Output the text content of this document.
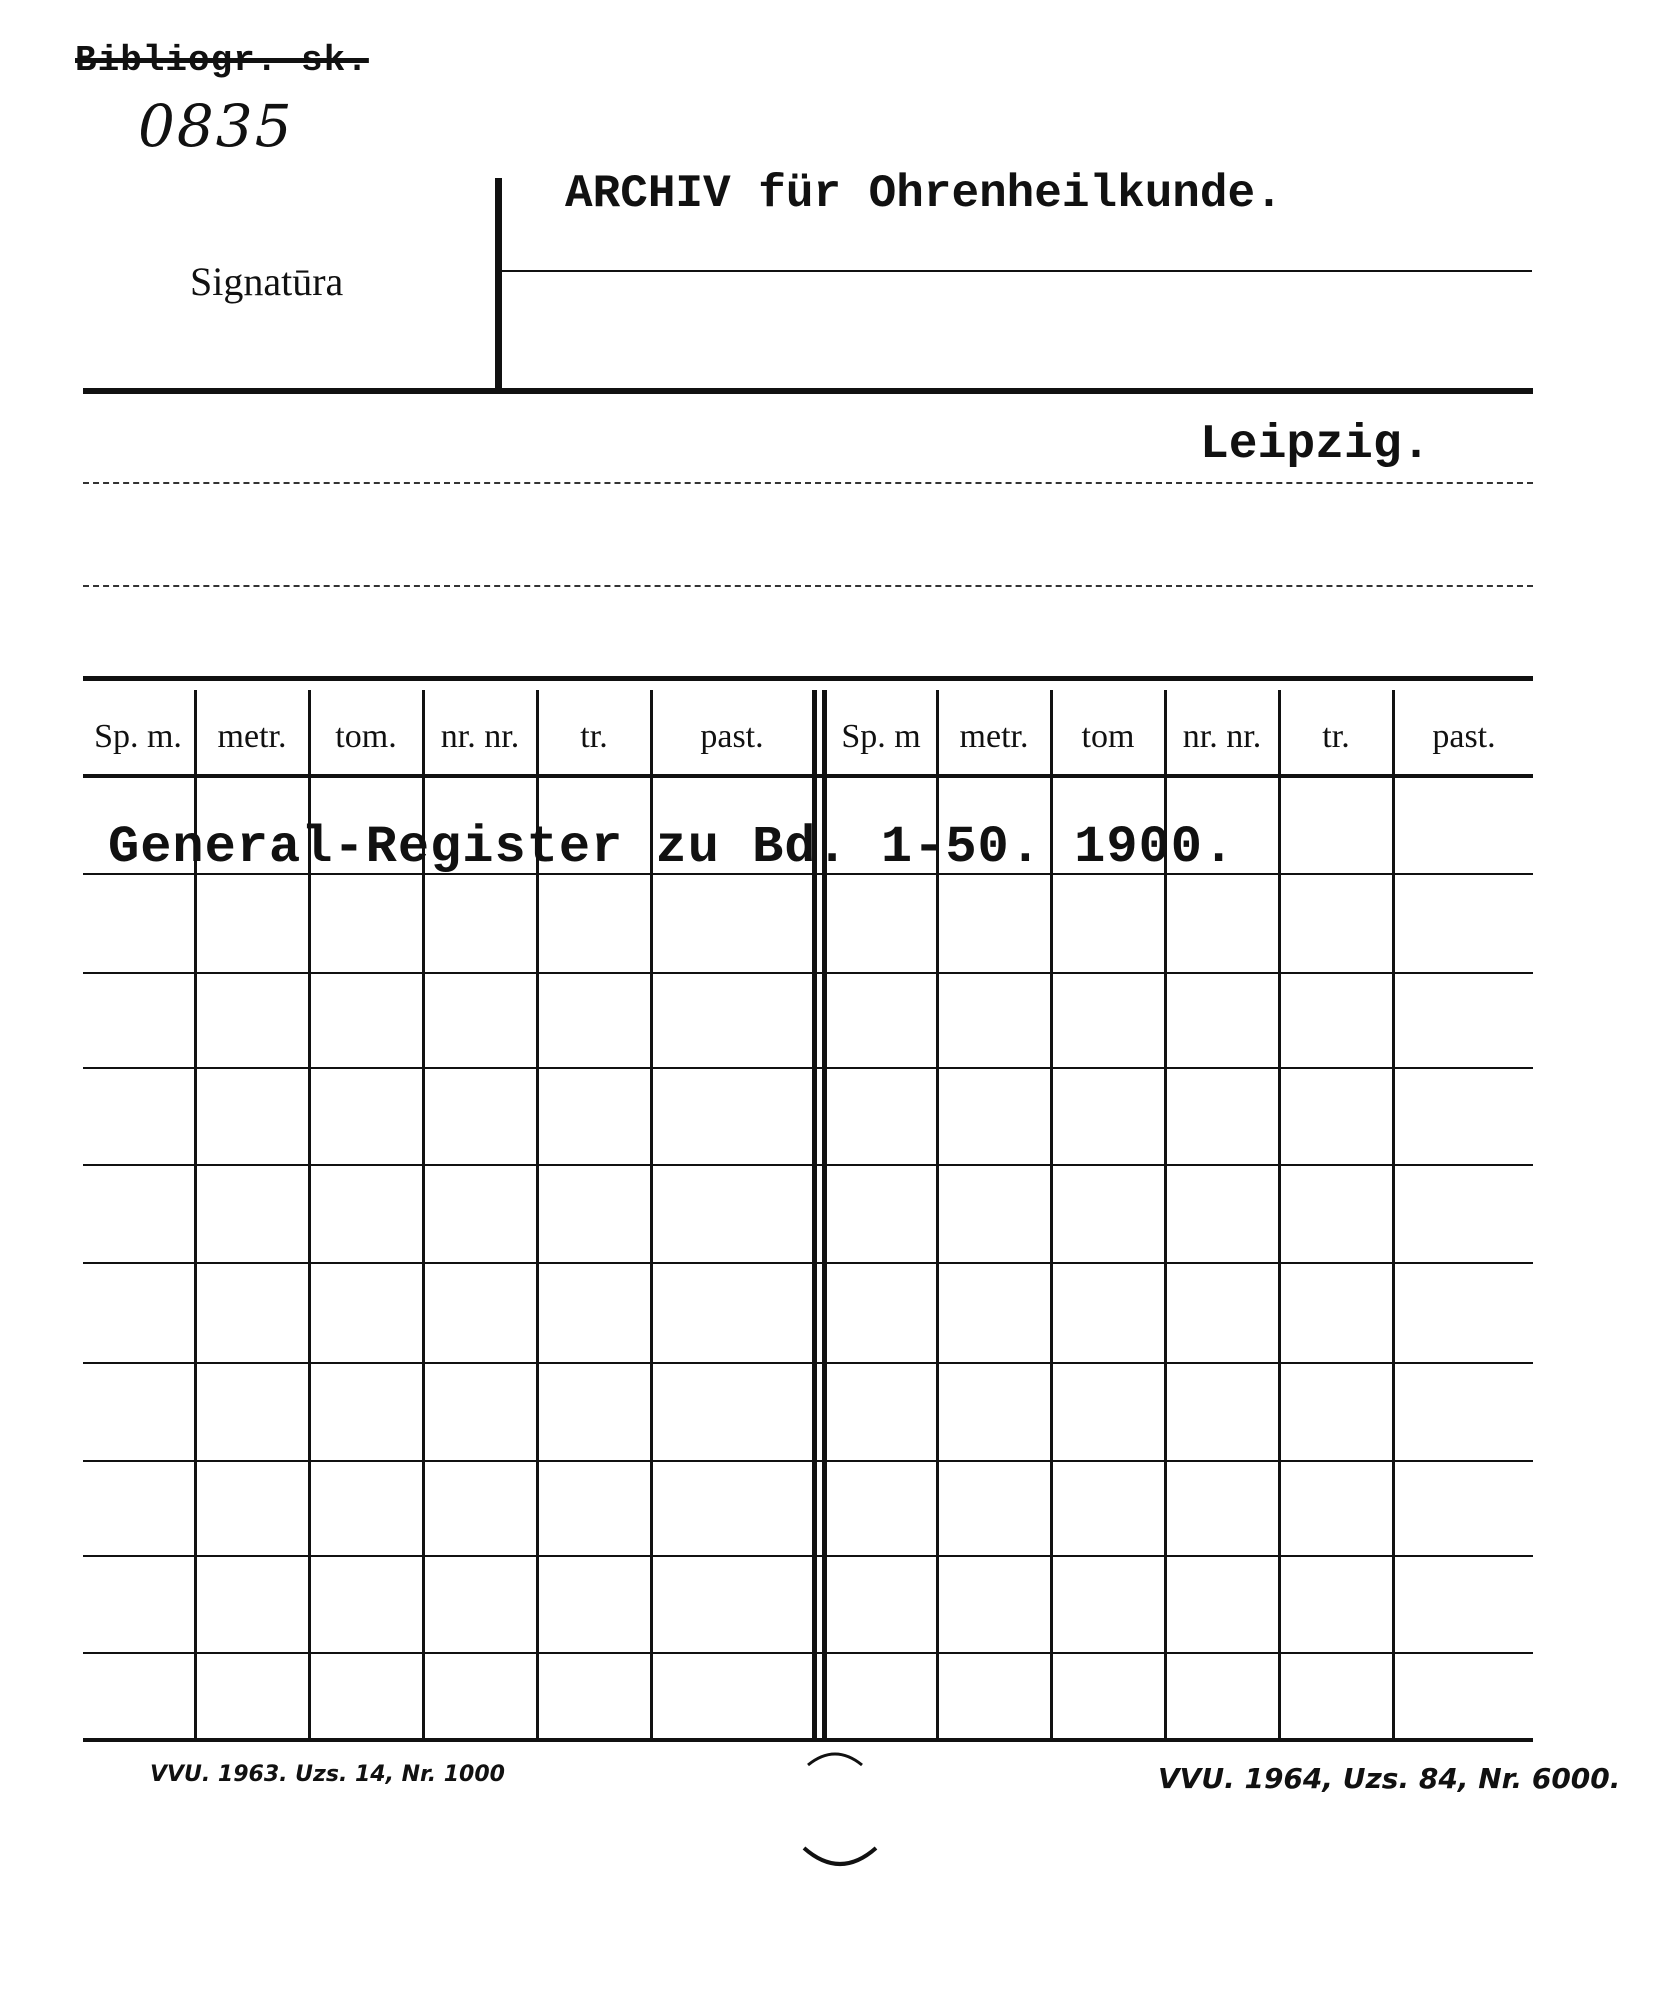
Bibliogr. sk.
0835
Signatūra
ARCHIV für Ohrenheilkunde.
Leipzig.
Sp. m.	metr.	tom.	nr. nr.	tr.	past.	Sp. m	metr.	tom	nr. nr.	tr.	past.
General-Register zu Bd. 1-50. 1900.
VVU. 1963. Uzs. 14, Nr. 1000	VVU. 1964, Uzs. 84, Nr. 6000.
